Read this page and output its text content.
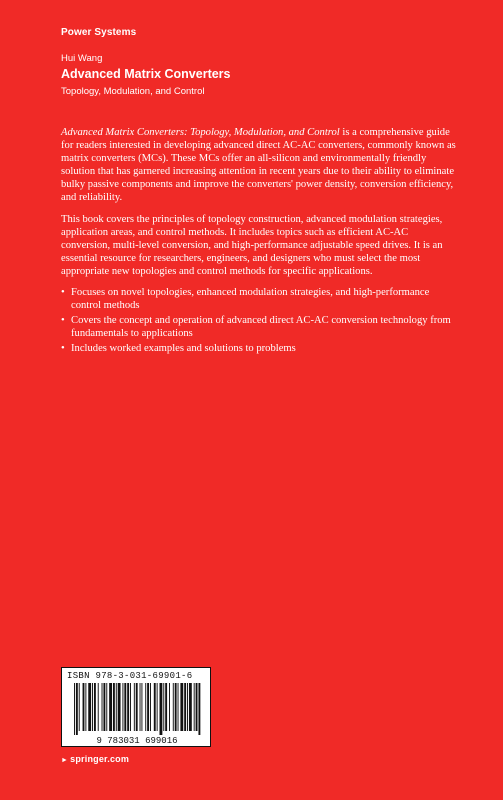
Power Systems
Hui Wang
Advanced Matrix Converters
Topology, Modulation, and Control

Advanced Matrix Converters: Topology, Modulation, and Control is a comprehensive guide for readers interested in developing advanced direct AC-AC converters, commonly known as matrix converters (MCs). These MCs offer an all-silicon and environmentally friendly solution that has garnered increasing attention in recent years due to their ability to eliminate bulky passive components and improve the converters' power density, conversion efficiency, and reliability.

This book covers the principles of topology construction, advanced modulation strategies, application areas, and control methods. It includes topics such as efficient AC-AC conversion, multi-level conversion, and high-performance adjustable speed drives. It is an essential resource for researchers, engineers, and designers who must select the most appropriate new topologies and control methods for specific applications.

• Focuses on novel topologies, enhanced modulation strategies, and high-performance control methods
• Covers the concept and operation of advanced direct AC-AC conversion technology from fundamentals to applications
• Includes worked examples and solutions to problems
ISBN 978-3-031-69901-6
9 783031 699016
► springer.com
